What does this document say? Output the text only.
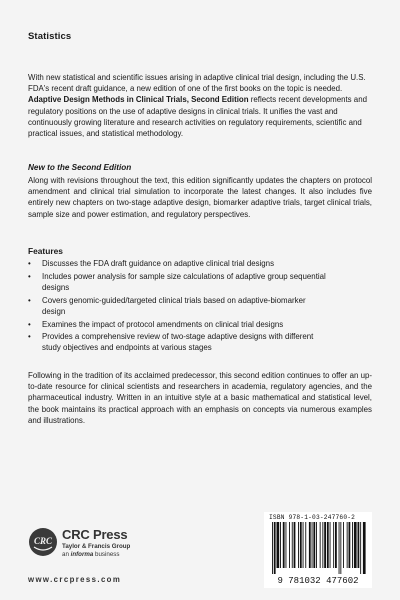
Statistics
With new statistical and scientific issues arising in adaptive clinical trial design, including the U.S. FDA's recent draft guidance, a new edition of one of the first books on the topic is needed. Adaptive Design Methods in Clinical Trials, Second Edition reflects recent developments and regulatory positions on the use of adaptive designs in clinical trials. It unifies the vast and continuously growing literature and research activities on regulatory requirements, scientific and practical issues, and statistical methodology.
New to the Second Edition
Along with revisions throughout the text, this edition significantly updates the chapters on protocol amendment and clinical trial simulation to incorporate the latest changes. It also includes five entirely new chapters on two-stage adaptive design, biomarker adaptive trials, target clinical trials, sample size and power estimation, and regulatory perspectives.
Features
• Discusses the FDA draft guidance on adaptive clinical trial designs
• Includes power analysis for sample size calculations of adaptive group sequential designs
• Covers genomic-guided/targeted clinical trials based on adaptive-biomarker design
• Examines the impact of protocol amendments on clinical trial designs
• Provides a comprehensive review of two-stage adaptive designs with different study objectives and endpoints at various stages
Following in the tradition of its acclaimed predecessor, this second edition continues to offer an up-to-date resource for clinical scientists and researchers in academia, regulatory agencies, and the pharmaceutical industry. Written in an intuitive style at a basic mathematical and statistical level, the book maintains its practical approach with an emphasis on concepts via numerous examples and illustrations.
CRC CRC Press
Taylor & Francis Group
an informa business
www.crcpress.com
ISBN 978-1-03-247760-2
9 781032 477602
